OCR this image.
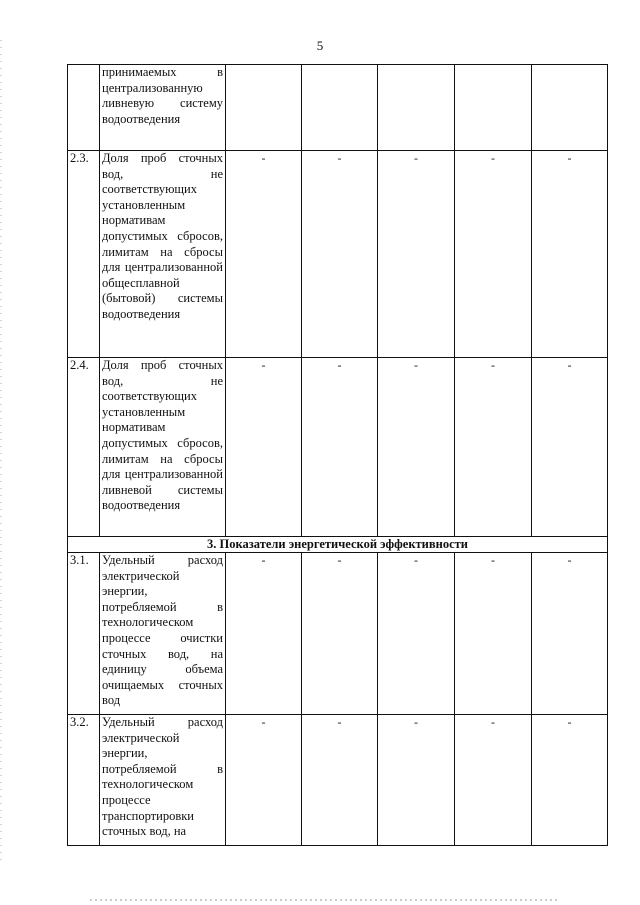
5
	принимаемых в централизованную ливневую систему водоотведения					
2.3.	Доля проб сточных вод, не соответствующих установленным нормативам допустимых сбросов, лимитам на сбросы для централизованной общесплавной (бытовой) системы водоотведения	-	-	-	-	-
2.4.	Доля проб сточных вод, не соответствующих установленным нормативам допустимых сбросов, лимитам на сбросы для централизованной ливневой системы водоотведения	-	-	-	-	-
3. Показатели энергетической эффективности						
3.1.	Удельный расход электрической энергии, потребляемой в технологическом процессе очистки сточных вод, на единицу объема очищаемых сточных вод	-	-	-	-	-
3.2.	Удельный расход электрической энергии, потребляемой в технологическом процессе транспортировки сточных вод, на	-	-	-	-	-
